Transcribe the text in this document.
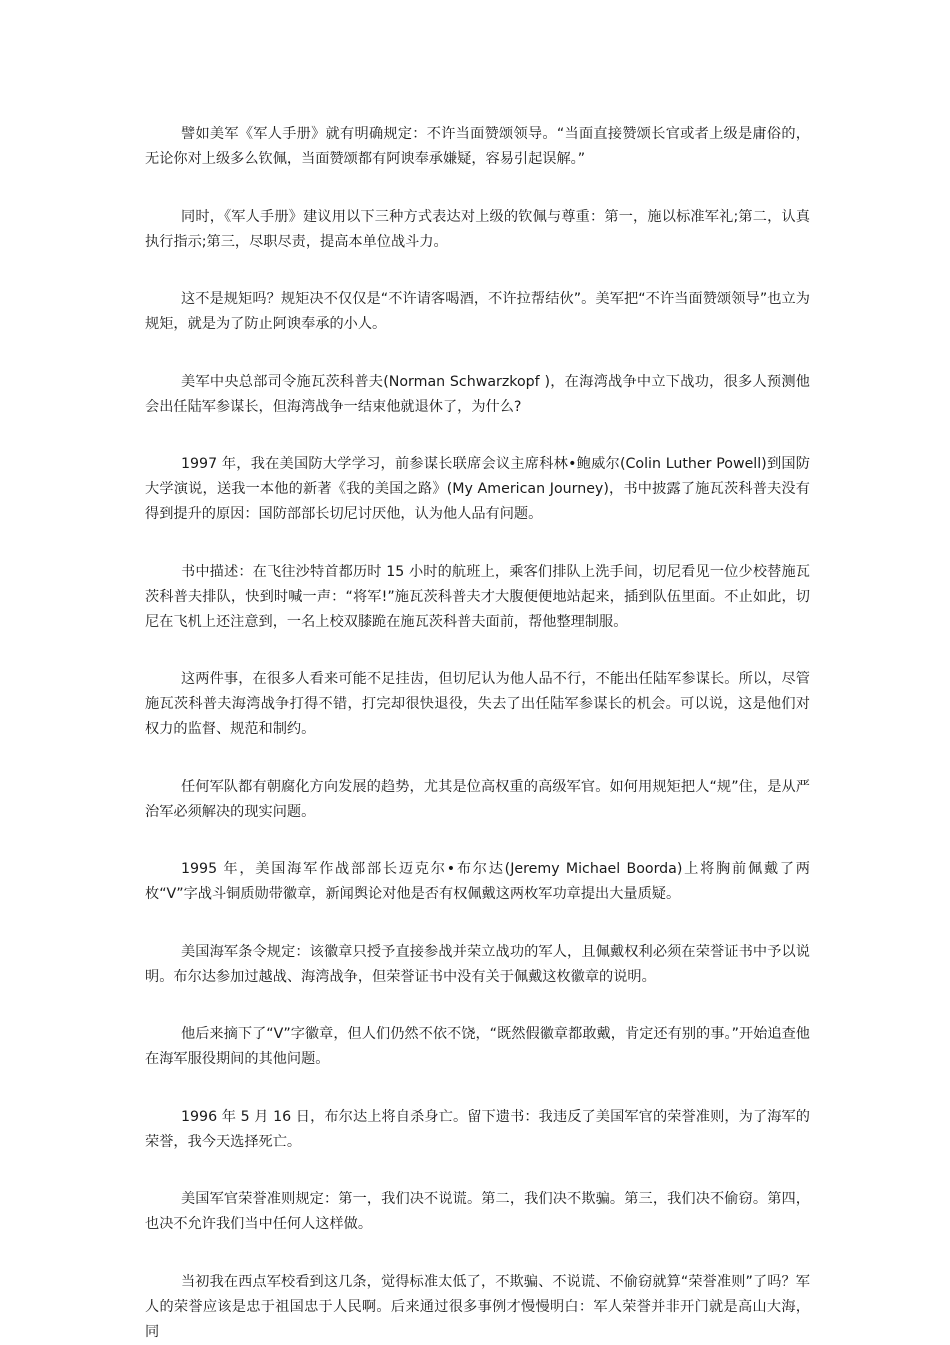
譬如美军《军人手册》就有明确规定：不许当面赞颂领导。“当面直接赞颂长官或者上级是庸俗的，无论你对上级多么钦佩，当面赞颂都有阿谀奉承嫌疑，容易引起误解。”

同时，《军人手册》建议用以下三种方式表达对上级的钦佩与尊重：第一，施以标准军礼;第二，认真执行指示;第三，尽职尽责，提高本单位战斗力。

这不是规矩吗？规矩决不仅仅是“不许请客喝酒，不许拉帮结伙”。美军把“不许当面赞颂领导”也立为规矩，就是为了防止阿谀奉承的小人。

美军中央总部司令施瓦茨科普夫(Norman Schwarzkopf )，在海湾战争中立下战功，很多人预测他会出任陆军参谋长，但海湾战争一结束他就退休了，为什么?

1997 年，我在美国防大学学习，前参谋长联席会议主席科林•鲍威尔(Colin Luther Powell)到国防大学演说，送我一本他的新著《我的美国之路》(My American Journey)，书中披露了施瓦茨科普夫没有得到提升的原因：国防部部长切尼讨厌他，认为他人品有问题。

书中描述：在飞往沙特首都历时 15 小时的航班上，乘客们排队上洗手间，切尼看见一位少校替施瓦茨科普夫排队，快到时喊一声：“将军!”施瓦茨科普夫才大腹便便地站起来，插到队伍里面。不止如此，切尼在飞机上还注意到，一名上校双膝跪在施瓦茨科普夫面前，帮他整理制服。

这两件事，在很多人看来可能不足挂齿，但切尼认为他人品不行，不能出任陆军参谋长。所以，尽管施瓦茨科普夫海湾战争打得不错，打完却很快退役，失去了出任陆军参谋长的机会。可以说，这是他们对权力的监督、规范和制约。

任何军队都有朝腐化方向发展的趋势，尤其是位高权重的高级军官。如何用规矩把人“规”住，是从严治军必须解决的现实问题。

1995 年，美国海军作战部部长迈克尔•布尔达(Jeremy Michael Boorda)上将胸前佩戴了两枚“V”字战斗铜质勋带徽章，新闻舆论对他是否有权佩戴这两枚军功章提出大量质疑。

美国海军条令规定：该徽章只授予直接参战并荣立战功的军人，且佩戴权利必须在荣誉证书中予以说明。布尔达参加过越战、海湾战争，但荣誉证书中没有关于佩戴这枚徽章的说明。

他后来摘下了“V”字徽章，但人们仍然不依不饶，“既然假徽章都敢戴，肯定还有别的事。”开始追查他在海军服役期间的其他问题。

1996 年 5 月 16 日，布尔达上将自杀身亡。留下遗书：我违反了美国军官的荣誉准则，为了海军的荣誉，我今天选择死亡。

美国军官荣誉准则规定：第一，我们决不说谎。第二，我们决不欺骗。第三，我们决不偷窃。第四，也决不允许我们当中任何人这样做。

当初我在西点军校看到这几条，觉得标准太低了，不欺骗、不说谎、不偷窃就算“荣誉准则”了吗？军人的荣誉应该是忠于祖国忠于人民啊。后来通过很多事例才慢慢明白：军人荣誉并非开门就是高山大海，同
